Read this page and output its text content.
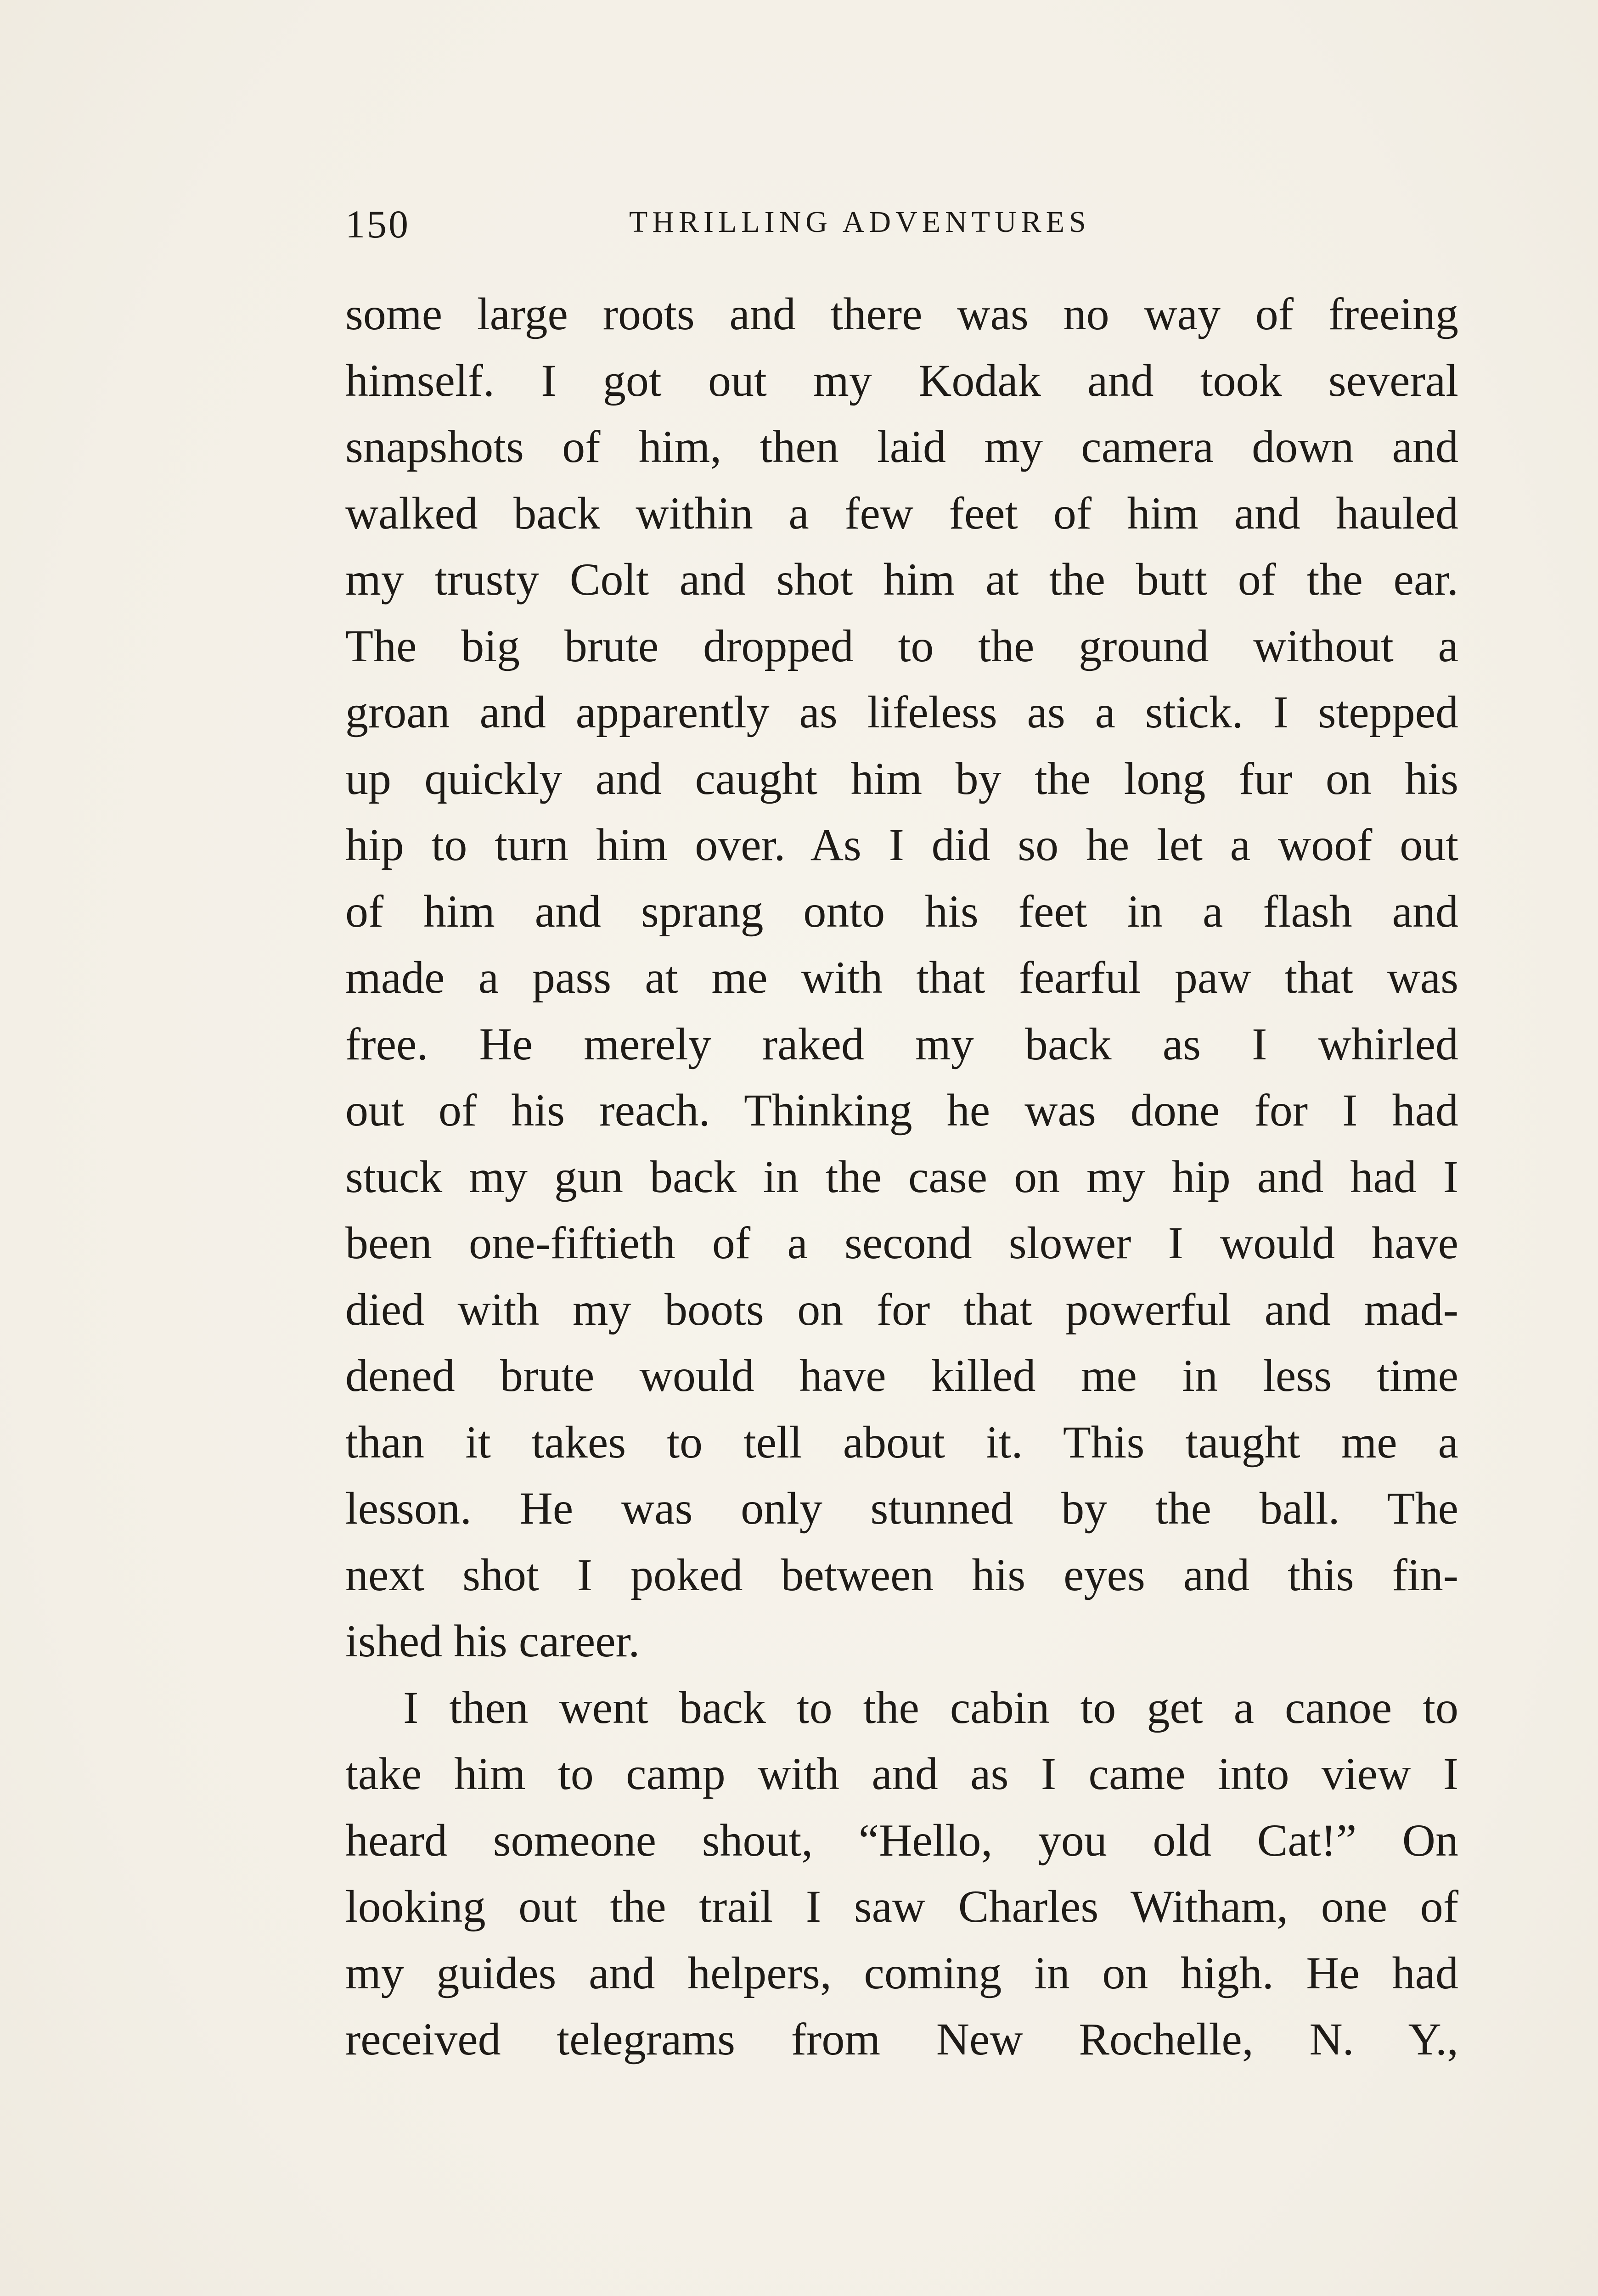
150	THRILLING ADVENTURES
some large roots and there was no way of freeing
himself. I got out my Kodak and took several
snapshots of him, then laid my camera down and
walked back within a few feet of him and hauled
my trusty Colt and shot him at the butt of the ear.
The big brute dropped to the ground without a
groan and apparently as lifeless as a stick. I stepped
up quickly and caught him by the long fur on his
hip to turn him over. As I did so he let a woof out
of him and sprang onto his feet in a flash and
made a pass at me with that fearful paw that was
free. He merely raked my back as I whirled
out of his reach. Thinking he was done for I had
stuck my gun back in the case on my hip and had I
been one-fiftieth of a second slower I would have
died with my boots on for that powerful and mad-
dened brute would have killed me in less time
than it takes to tell about it. This taught me a
lesson. He was only stunned by the ball. The
next shot I poked between his eyes and this fin-
ished his career.
I then went back to the cabin to get a canoe to
take him to camp with and as I came into view I
heard someone shout, “Hello, you old Cat!” On
looking out the trail I saw Charles Witham, one of
my guides and helpers, coming in on high. He had
received telegrams from New Rochelle, N. Y.,
